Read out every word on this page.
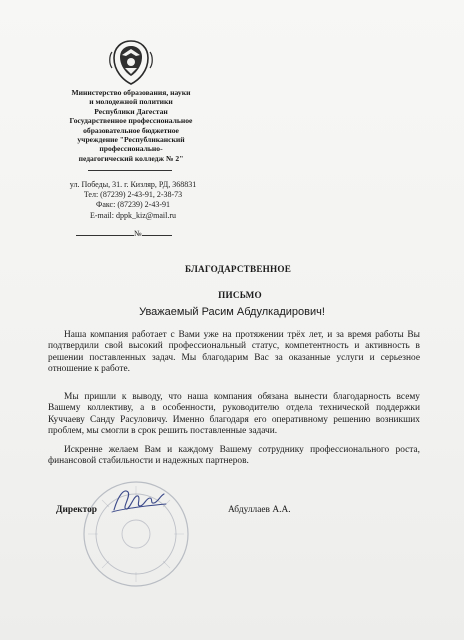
Министерство образования, науки
и молодежной политики
Республики Дагестан
Государственное профессиональное
образовательное бюджетное
учреждение "Республиканский
профессионально-
педагогический колледж № 2"
ул. Победы, 31. г. Кизляр, РД, 368831
Тел: (87239) 2-43-91, 2-38-73
Факс: (87239) 2-43-91
E-mail: dppk_kiz@mail.ru
№
БЛАГОДАРСТВЕННОЕ
ПИСЬМО
Уважаемый Расим Абдулкадирович!

Наша компания работает с Вами уже на протяжении трёх лет, и за время работы Вы подтвердили свой высокий профессиональный статус, компетентность и активность в решении поставленных задач. Мы благодарим Вас за оказанные услуги и серьезное отношение к работе.

Мы пришли к выводу, что наша компания обязана вынести благодарность всему Вашему коллективу, а в особенности, руководителю отдела технической поддержки Куччаеву Санду Расуловичу. Именно благодаря его оперативному решению возникших проблем, мы смогли в срок решить поставленные задачи.

Искренне желаем Вам и каждому Вашему сотруднику профессионального роста, финансовой стабильности и надежных партнеров.

Директор	Абдуллаев А.А.
